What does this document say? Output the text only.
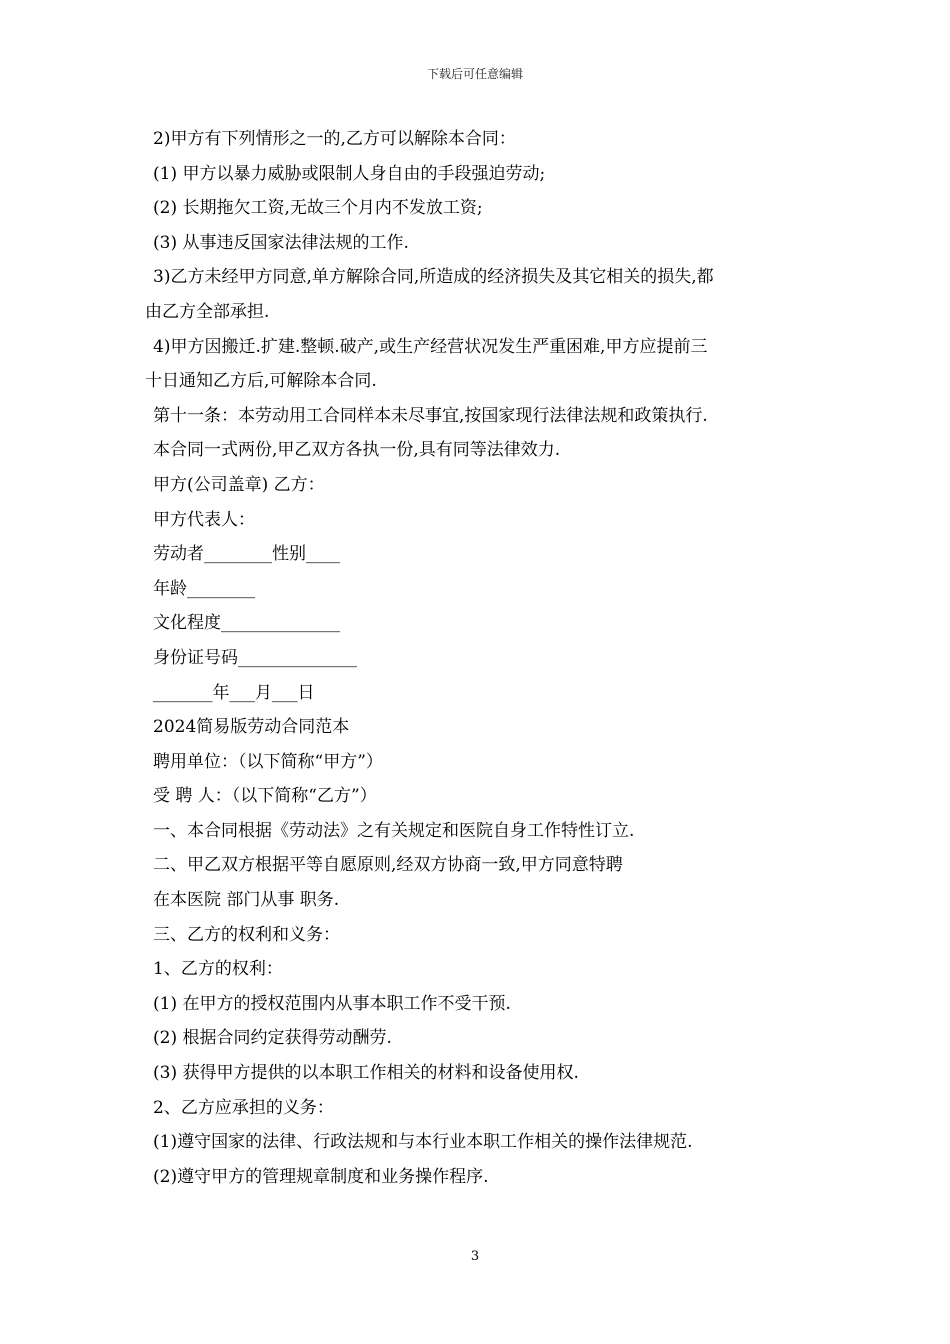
下载后可任意编辑
2)甲方有下列情形之一的,乙方可以解除本合同：
(1) 甲方以暴力威胁或限制人身自由的手段强迫劳动;
(2) 长期拖欠工资,无故三个月内不发放工资;
(3) 从事违反国家法律法规的工作.
3)乙方未经甲方同意,单方解除合同,所造成的经济损失及其它相关的损失,都
由乙方全部承担.
4)甲方因搬迁.扩建.整顿.破产,或生产经营状况发生严重困难,甲方应提前三
十日通知乙方后,可解除本合同.
第十一条：本劳动用工合同样本未尽事宜,按国家现行法律法规和政策执行.
本合同一式两份,甲乙双方各执一份,具有同等法律效力.
甲方(公司盖章) 乙方：
甲方代表人：
劳动者________性别____
年龄________
文化程度______________
身份证号码______________
_______年___月___日
2024简易版劳动合同范本
聘用单位：（以下简称“甲方”）
受 聘 人：（以下简称“乙方”）
一、本合同根据《劳动法》之有关规定和医院自身工作特性订立.
二、甲乙双方根据平等自愿原则,经双方协商一致,甲方同意特聘
在本医院 部门从事 职务.
三、乙方的权利和义务：
1、乙方的权利：
(1) 在甲方的授权范围内从事本职工作不受干预.
(2) 根据合同约定获得劳动酬劳.
(3) 获得甲方提供的以本职工作相关的材料和设备使用权.
2、乙方应承担的义务：
(1)遵守国家的法律、行政法规和与本行业本职工作相关的操作法律规范.
(2)遵守甲方的管理规章制度和业务操作程序.
3
